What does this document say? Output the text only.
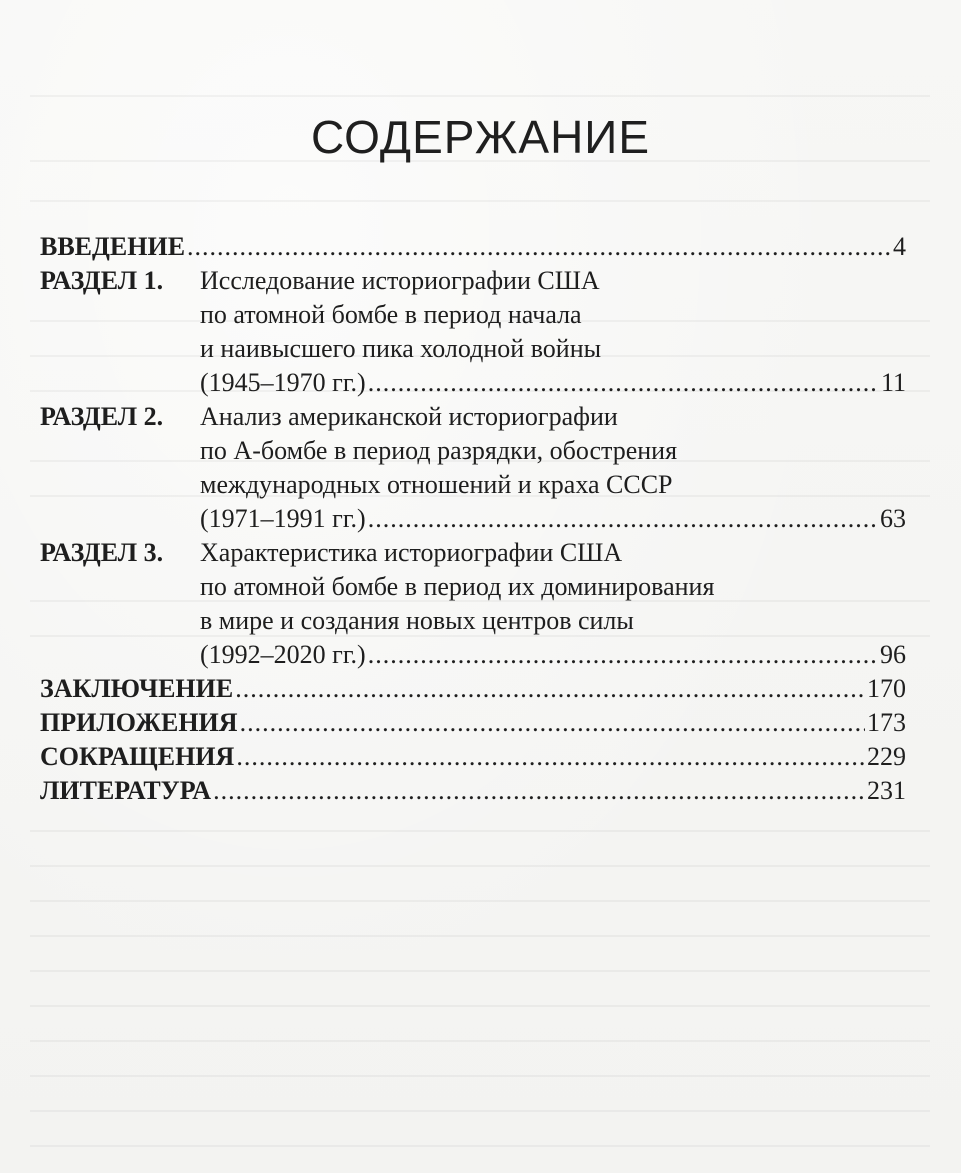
СОДЕРЖАНИЕ
ВВЕДЕНИЕ .....	4
РАЗДЕЛ 1.	Исследование историографии США
по атомной бомбе в период начала
и наивысшего пика холодной войны
(1945–1970 гг.) .....	11
РАЗДЕЛ 2.	Анализ американской историографии
по А-бомбе в период разрядки, обострения
международных отношений и краха СССР
(1971–1991 гг.) .....	63
РАЗДЕЛ 3.	Характеристика историографии США
по атомной бомбе в период их доминирования
в мире и создания новых центров силы
(1992–2020 гг.) .....	96
ЗАКЛЮЧЕНИЕ .....	170
ПРИЛОЖЕНИЯ .....	173
СОКРАЩЕНИЯ .....	229
ЛИТЕРАТУРА .....	231
